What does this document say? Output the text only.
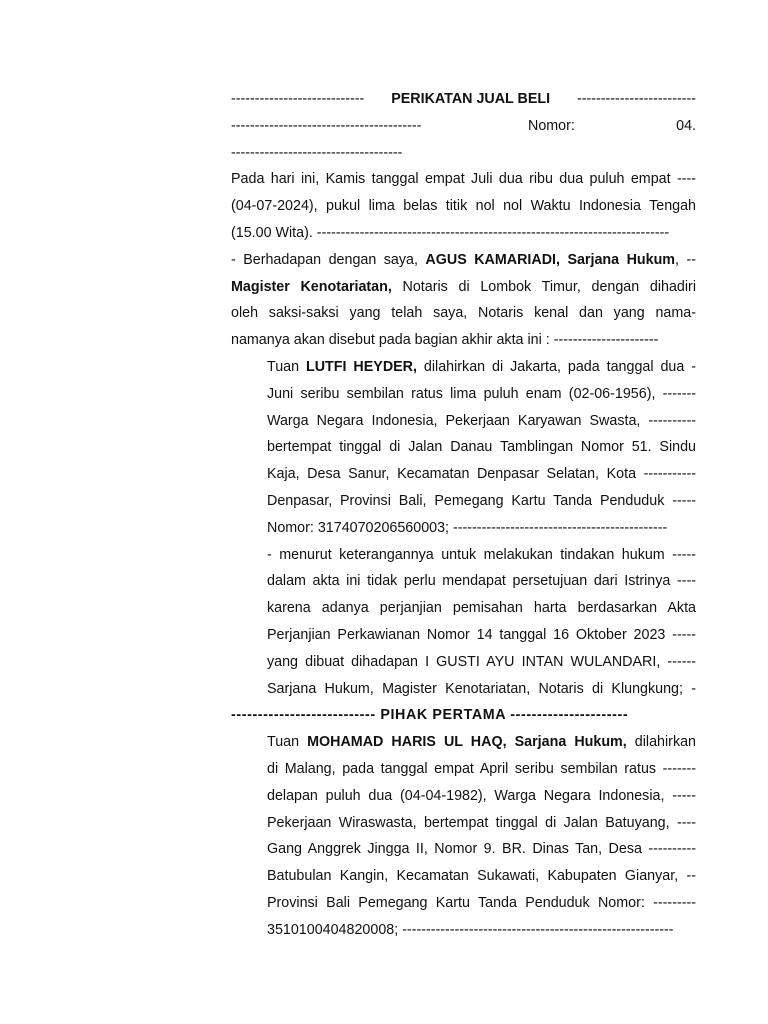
---------------------------- PERIKATAN JUAL BELI -------------------------
----------------------------------------	Nomor:	04.
------------------------------------
Pada hari ini, Kamis tanggal empat Juli dua ribu dua puluh empat ----
(04-07-2024), pukul lima belas titik nol nol Waktu Indonesia Tengah
(15.00 Wita). --------------------------------------------------------------------------
- Berhadapan dengan saya, AGUS KAMARIADI, Sarjana Hukum, --
Magister Kenotariatan, Notaris di Lombok Timur, dengan dihadiri
oleh saksi-saksi yang telah saya, Notaris kenal dan yang nama-
namanya akan disebut pada bagian akhir akta ini : ----------------------
Tuan LUTFI HEYDER, dilahirkan di Jakarta, pada tanggal dua -
Juni seribu sembilan ratus lima puluh enam (02-06-1956), -------
Warga Negara Indonesia, Pekerjaan Karyawan Swasta, ----------
bertempat tinggal di Jalan Danau Tamblingan Nomor 51. Sindu
Kaja, Desa Sanur, Kecamatan Denpasar Selatan, Kota -----------
Denpasar, Provinsi Bali, Pemegang Kartu Tanda Penduduk -----
Nomor: 3174070206560003; ---------------------------------------------
- menurut keterangannya untuk melakukan tindakan hukum -----
dalam akta ini tidak perlu mendapat persetujuan dari Istrinya ----
karena adanya perjanjian pemisahan harta berdasarkan Akta
Perjanjian Perkawianan Nomor 14 tanggal 16 Oktober 2023 -----
yang dibuat dihadapan I GUSTI AYU INTAN WULANDARI, ------
Sarjana Hukum, Magister Kenotariatan, Notaris di Klungkung; -
--------------------------- PIHAK PERTAMA ----------------------
Tuan MOHAMAD HARIS UL HAQ, Sarjana Hukum, dilahirkan
di Malang, pada tanggal empat April seribu sembilan ratus -------
delapan puluh dua (04-04-1982), Warga Negara Indonesia, -----
Pekerjaan Wiraswasta, bertempat tinggal di Jalan Batuyang, ----
Gang Anggrek Jingga II, Nomor 9. BR. Dinas Tan, Desa ----------
Batubulan Kangin, Kecamatan Sukawati, Kabupaten Gianyar, --
Provinsi Bali Pemegang Kartu Tanda Penduduk Nomor: ---------
3510100404820008; ---------------------------------------------------------
